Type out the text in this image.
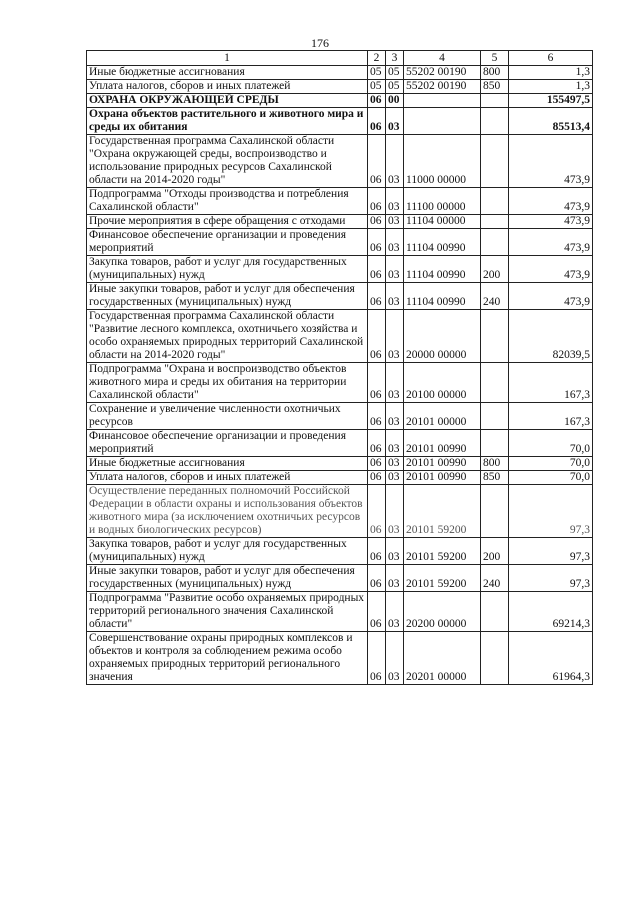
176
1	2	3	4	5	6
Иные бюджетные ассигнования	05	05	55202 00190	800	1,3
Уплата налогов, сборов и иных платежей	05	05	55202 00190	850	1,3
ОХРАНА ОКРУЖАЮЩЕЙ СРЕДЫ	06	00			155497,5
Охрана объектов растительного и животного мира и среды их обитания	06	03			85513,4
Государственная программа Сахалинской области "Охрана окружающей среды, воспроизводство и использование природных ресурсов Сахалинской области на 2014-2020 годы"	06	03	11000 00000		473,9
Подпрограмма "Отходы производства и потребления Сахалинской области"	06	03	11100 00000		473,9
Прочие мероприятия в сфере обращения с отходами	06	03	11104 00000		473,9
Финансовое обеспечение организации и проведения мероприятий	06	03	11104 00990		473,9
Закупка товаров, работ и услуг для государственных (муниципальных) нужд	06	03	11104 00990	200	473,9
Иные закупки товаров, работ и услуг для обеспечения государственных (муниципальных) нужд	06	03	11104 00990	240	473,9
Государственная программа Сахалинской области "Развитие лесного комплекса, охотничьего хозяйства и особо охраняемых природных территорий Сахалинской области на 2014-2020 годы"	06	03	20000 00000		82039,5
Подпрограмма "Охрана и воспроизводство объектов животного мира и среды их обитания на территории Сахалинской области"	06	03	20100 00000		167,3
Сохранение и увеличение численности охотничьих ресурсов	06	03	20101 00000		167,3
Финансовое обеспечение организации и проведения мероприятий	06	03	20101 00990		70,0
Иные бюджетные ассигнования	06	03	20101 00990	800	70,0
Уплата налогов, сборов и иных платежей	06	03	20101 00990	850	70,0
Осуществление переданных полномочий Российской Федерации в области охраны и использования объектов животного мира (за исключением охотничьих ресурсов и водных биологических ресурсов)	06	03	20101 59200		97,3
Закупка товаров, работ и услуг для государственных (муниципальных) нужд	06	03	20101 59200	200	97,3
Иные закупки товаров, работ и услуг для обеспечения государственных (муниципальных) нужд	06	03	20101 59200	240	97,3
Подпрограмма "Развитие особо охраняемых природных территорий регионального значения Сахалинской области"	06	03	20200 00000		69214,3
Совершенствование охраны природных комплексов и объектов и контроля за соблюдением режима особо охраняемых природных территорий регионального значения	06	03	20201 00000		61964,3
